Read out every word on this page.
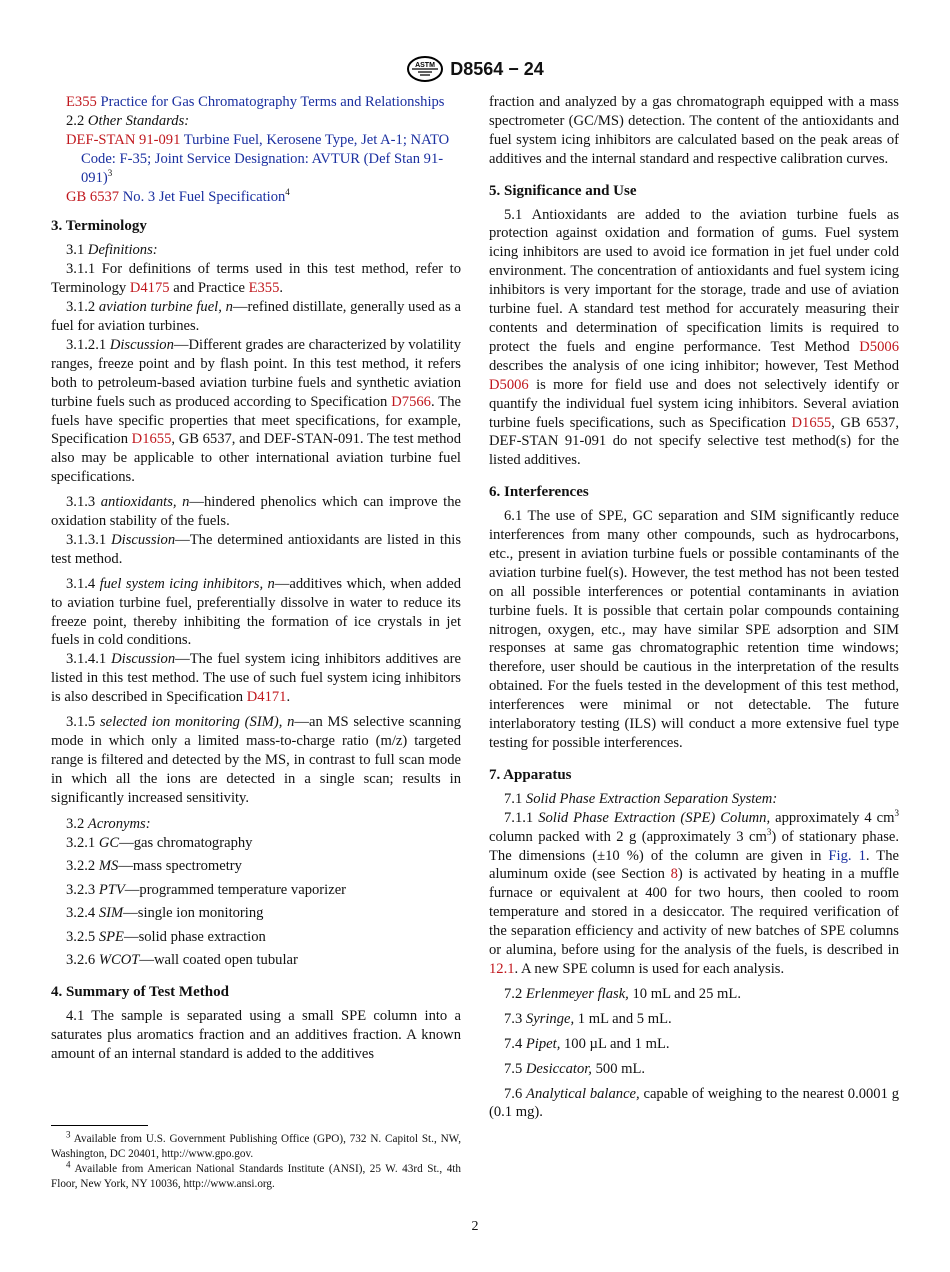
ASTM D8564 − 24

E355 Practice for Gas Chromatography Terms and Relationships

2.2 Other Standards:

DEF-STAN 91-091 Turbine Fuel, Kerosene Type, Jet A-1; NATO Code: F-35; Joint Service Designation: AVTUR (Def Stan 91-091)$^3$

GB 6537 No. 3 Jet Fuel Specification$^4$

3. Terminology

3.1 Definitions:

3.1.1 For definitions of terms used in this test method, refer to Terminology D4175 and Practice E355.

3.1.2 aviation turbine fuel, n—refined distillate, generally used as a fuel for aviation turbines.

3.1.2.1 Discussion—Different grades are characterized by volatility ranges, freeze point and by flash point. In this test method, it refers both to petroleum-based aviation turbine fuels and synthetic aviation turbine fuels such as produced according to Specification D7566. The fuels have specific properties that meet specifications, for example, Specification D1655, GB 6537, and DEF-STAN-091. The test method also may be applicable to other international aviation turbine fuel specifications.

3.1.3 antioxidants, n—hindered phenolics which can improve the oxidation stability of the fuels.

3.1.3.1 Discussion—The determined antioxidants are listed in this test method.

3.1.4 fuel system icing inhibitors, n—additives which, when added to aviation turbine fuel, preferentially dissolve in water to reduce its freeze point, thereby inhibiting the formation of ice crystals in jet fuels in cold conditions.

3.1.4.1 Discussion—The fuel system icing inhibitors additives are listed in this test method. The use of such fuel system icing inhibitors is also described in Specification D4171.

3.1.5 selected ion monitoring (SIM), n—an MS selective scanning mode in which only a limited mass-to-charge ratio (m/z) targeted range is filtered and detected by the MS, in contrast to full scan mode in which all the ions are detected in a single scan; results in significantly increased sensitivity.

3.2 Acronyms:

3.2.1 GC—gas chromatography

3.2.2 MS—mass spectrometry

3.2.3 PTV—programmed temperature vaporizer

3.2.4 SIM—single ion monitoring

3.2.5 SPE—solid phase extraction

3.2.6 WCOT—wall coated open tubular

4. Summary of Test Method

4.1 The sample is separated using a small SPE column into a saturates plus aromatics fraction and an additives fraction. A known amount of an internal standard is added to the additives

fraction and analyzed by a gas chromatograph equipped with a mass spectrometer (GC/MS) detection. The content of the antioxidants and fuel system icing inhibitors are calculated based on the peak areas of additives and the internal standard and respective calibration curves.

5. Significance and Use

5.1 Antioxidants are added to the aviation turbine fuels as protection against oxidation and formation of gums. Fuel system icing inhibitors are used to avoid ice formation in jet fuel under cold environment. The concentration of antioxidants and fuel system icing inhibitors is very important for the storage, trade and use of aviation turbine fuel. A standard test method for accurately measuring their contents and determination of specification limits is required to protect the fuels and engine performance. Test Method D5006 describes the analysis of one icing inhibitor; however, Test Method D5006 is more for field use and does not selectively identify or quantify the individual fuel system icing inhibitors. Several aviation turbine fuels specifications, such as Specification D1655, GB 6537, DEF-STAN 91-091 do not specify selective test method(s) for the listed additives.

6. Interferences

6.1 The use of SPE, GC separation and SIM significantly reduce interferences from many other compounds, such as hydrocarbons, etc., present in aviation turbine fuels or possible contaminants of the aviation turbine fuel(s). However, the test method has not been tested on all possible interferences or potential contaminants in aviation turbine fuels. It is possible that certain polar compounds containing nitrogen, oxygen, etc., may have similar SPE adsorption and SIM responses at same gas chromatographic retention time windows; therefore, user should be cautious in the interpretation of the results obtained. For the fuels tested in the development of this test method, interferences were minimal or not detectable. The future interlaboratory testing (ILS) will conduct a more extensive fuel type testing for possible interferences.

7. Apparatus

7.1 Solid Phase Extraction Separation System:

7.1.1 Solid Phase Extraction (SPE) Column, approximately 4 $cm^3$ column packed with 2 g (approximately 3 $cm^3$) of stationary phase. The dimensions (±10 %) of the column are given in Fig. 1. The aluminum oxide (see Section 8) is activated by heating in a muffle furnace or equivalent at 400 for two hours, then cooled to room temperature and stored in a desiccator. The required verification of the separation efficiency and activity of new batches of SPE columns or alumina, before using for the analysis of the fuels, is described in 12.1. A new SPE column is used for each analysis.

7.2 Erlenmeyer flask, 10 mL and 25 mL.

7.3 Syringe, 1 mL and 5 mL.

7.4 Pipet, 100 µL and 1 mL.

7.5 Desiccator, 500 mL.

7.6 Analytical balance, capable of weighing to the nearest 0.0001 g (0.1 mg).

$^3$ Available from U.S. Government Publishing Office (GPO), 732 N. Capitol St., NW, Washington, DC 20401, http://www.gpo.gov.

$^4$ Available from American National Standards Institute (ANSI), 25 W. 43rd St., 4th Floor, New York, NY 10036, http://www.ansi.org.

2
